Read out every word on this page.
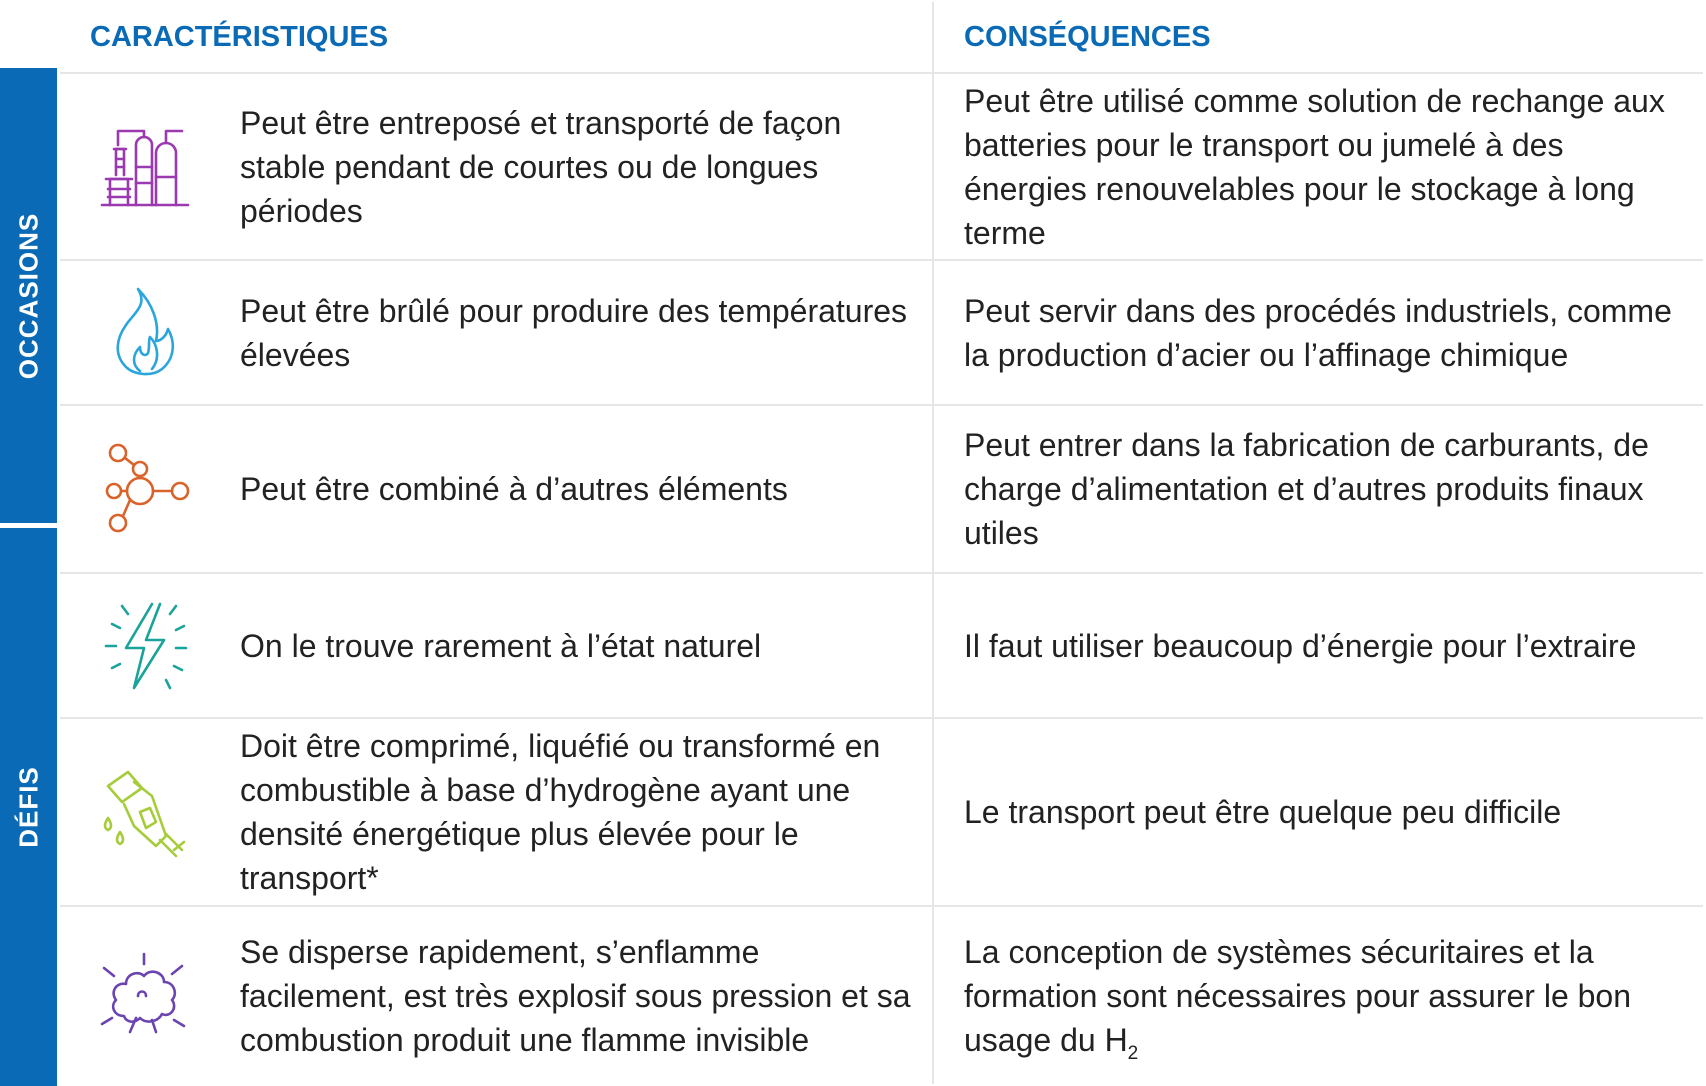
OCCASIONS
DÉFIS
CARACTÉRISTIQUES	CONSÉQUENCES
Peut être entreposé et transporté de façon stable pendant de courtes ou de longues périodes
Peut être utilisé comme solution de rechange aux batteries pour le transport ou jumelé à des énergies renouvelables pour le stockage à long terme
Peut être brûlé pour produire des températures élevées
Peut servir dans des procédés industriels, comme la production d’acier ou l’affinage chimique
Peut être combiné à d’autres éléments
Peut entrer dans la fabrication de carburants, de charge d’alimentation et d’autres produits finaux utiles
On le trouve rarement à l’état naturel	Il faut utiliser beaucoup d’énergie pour l’extraire
Doit être comprimé, liquéfié ou transformé en combustible à base d’hydrogène ayant une densité énergétique plus élevée pour le transport*
Le transport peut être quelque peu difficile
Se disperse rapidement, s’enflamme facilement, est très explosif sous pression et sa combustion produit une flamme invisible
La conception de systèmes sécuritaires et la formation sont nécessaires pour assurer le bon usage du $H_2$
